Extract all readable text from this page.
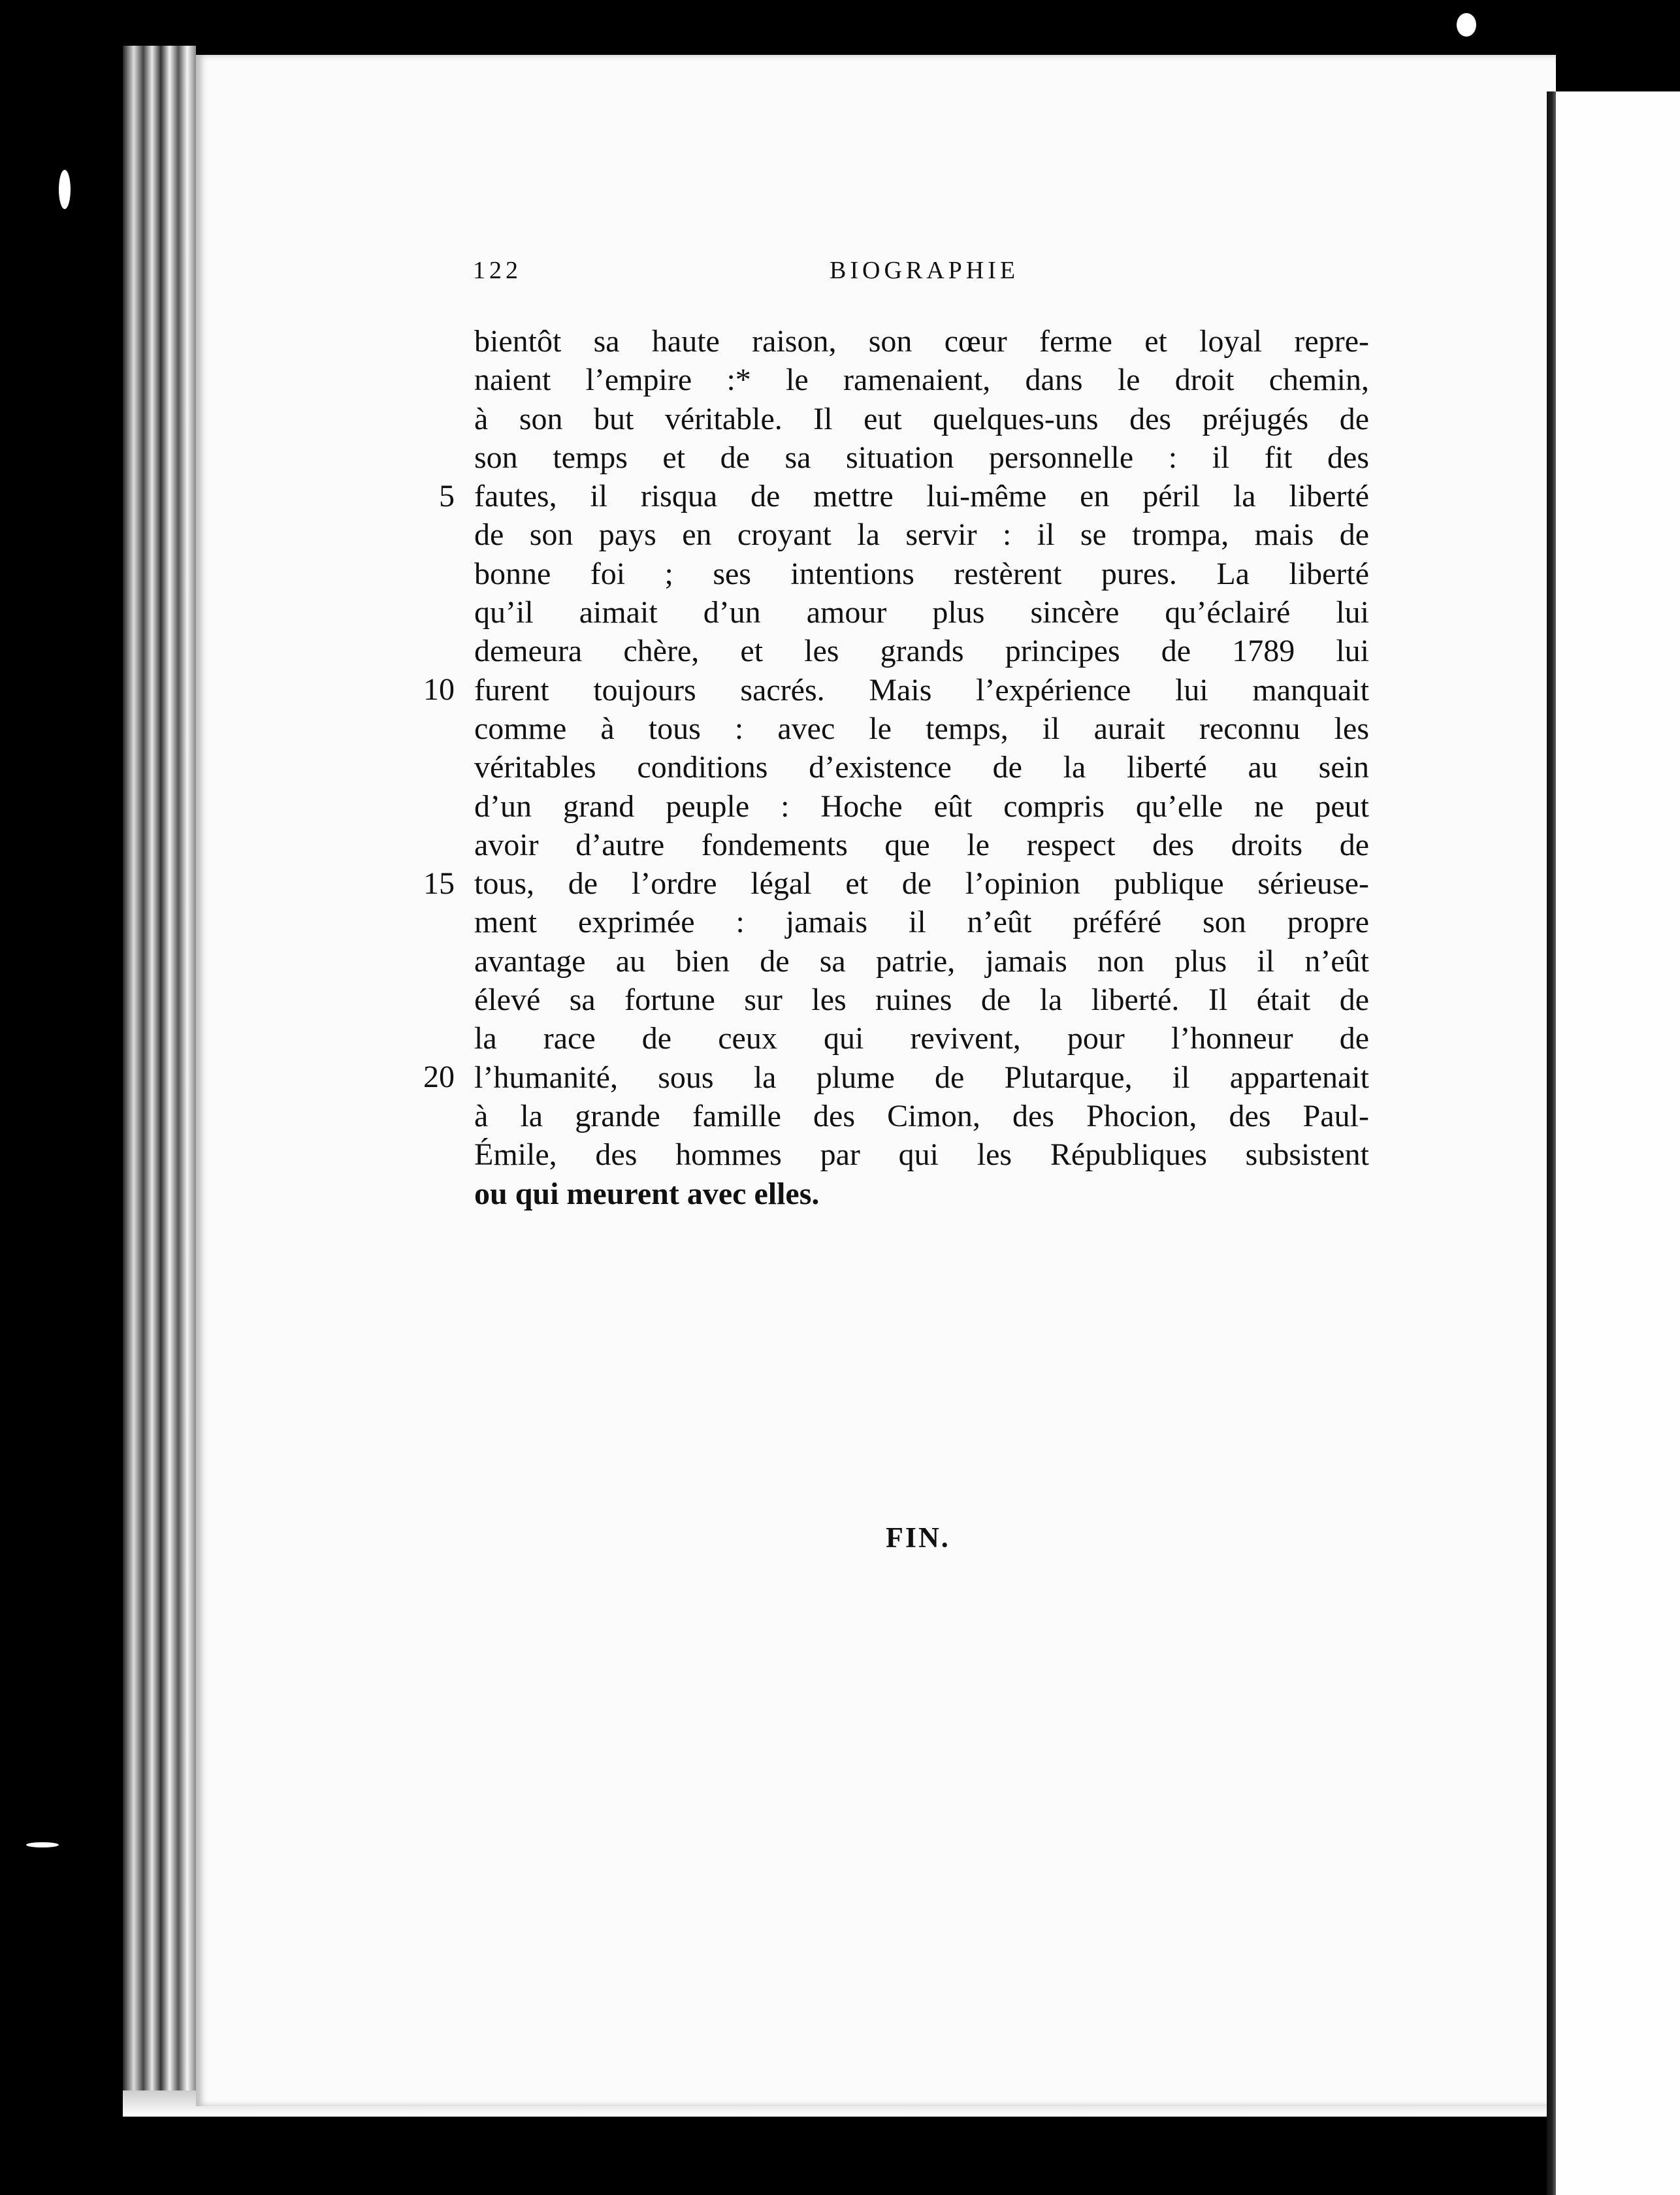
122	BIOGRAPHIE
5
10
15
20
bientôt sa haute raison, son cœur ferme et loyal repre-
naient l’empire :* le ramenaient, dans le droit chemin,
à son but véritable. Il eut quelques-uns des préjugés de
son temps et de sa situation personnelle : il fit des
fautes, il risqua de mettre lui-même en péril la liberté
de son pays en croyant la servir : il se trompa, mais de
bonne foi ; ses intentions restèrent pures. La liberté
qu’il aimait d’un amour plus sincère qu’éclairé lui
demeura chère, et les grands principes de 1789 lui
furent toujours sacrés. Mais l’expérience lui manquait
comme à tous : avec le temps, il aurait reconnu les
véritables conditions d’existence de la liberté au sein
d’un grand peuple : Hoche eût compris qu’elle ne peut
avoir d’autre fondements que le respect des droits de
tous, de l’ordre légal et de l’opinion publique sérieuse-
ment exprimée : jamais il n’eût préféré son propre
avantage au bien de sa patrie, jamais non plus il n’eût
élevé sa fortune sur les ruines de la liberté. Il était de
la race de ceux qui revivent, pour l’honneur de
l’humanité, sous la plume de Plutarque, il appartenait
à la grande famille des Cimon, des Phocion, des Paul-
Émile, des hommes par qui les Républiques subsistent
ou qui meurent avec elles.
FIN.
